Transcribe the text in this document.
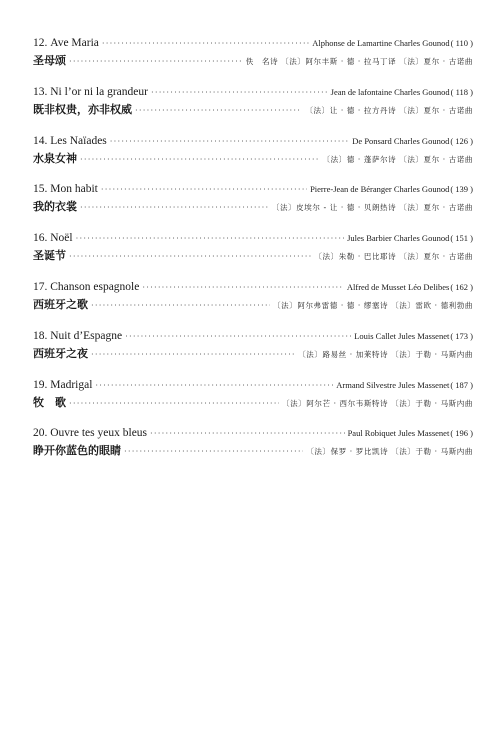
12.
Ave Maria ·····	Alphonse de Lamartine Charles Gounod ( 110 )
圣母颂 ·····	佚　名诗 〔法〕阿尔丰斯 · 德 · 拉马丁译 〔法〕夏尔 · 古诺曲
13.
Ni l’or ni la grandeur ·····	Jean de lafontaine Charles Gounod ( 118 )
既非权贵，亦非权威 ·····	〔法〕让 · 德 · 拉方丹诗 〔法〕夏尔 · 古诺曲
14.
Les Naïades ·····	De Ponsard Charles Gounod ( 126 )
水泉女神 ·····	〔法〕德 · 蓬萨尔诗 〔法〕夏尔 · 古诺曲
15.
Mon habit ·····	Pierre-Jean de Béranger Charles Gounod ( 139 )
我的衣裳 ·····	〔法〕皮埃尔 - 让 · 德 · 贝朗热诗 〔法〕夏尔 · 古诺曲
16.
Noël ·····	Jules Barbier Charles Gounod ( 151 )
圣诞节 ·····	〔法〕朱勒 · 巴比耶诗 〔法〕夏尔 · 古诺曲
17.
Chanson espagnole ·····	Alfred de Musset Léo Delibes ( 162 )
西班牙之歌 ·····	〔法〕阿尔弗雷德 · 德 · 缪塞诗 〔法〕雷欧 · 德利勃曲
18.
Nuit d’Espagne ·····	Louis Callet Jules Massenet ( 173 )
西班牙之夜 ·····	〔法〕路易丝 · 加莱特诗 〔法〕于勒 · 马斯内曲
19.
Madrigal ·····	Armand Silvestre Jules Massenet ( 187 )
牧　歌 ·····	〔法〕阿尔芒 · 西尔韦斯特诗 〔法〕于勒 · 马斯内曲
20.
Ouvre tes yeux bleus ·····	Paul Robiquet Jules Massenet ( 196 )
睁开你蓝色的眼睛 ·····	〔法〕保罗 · 罗比凯诗 〔法〕于勒 · 马斯内曲
